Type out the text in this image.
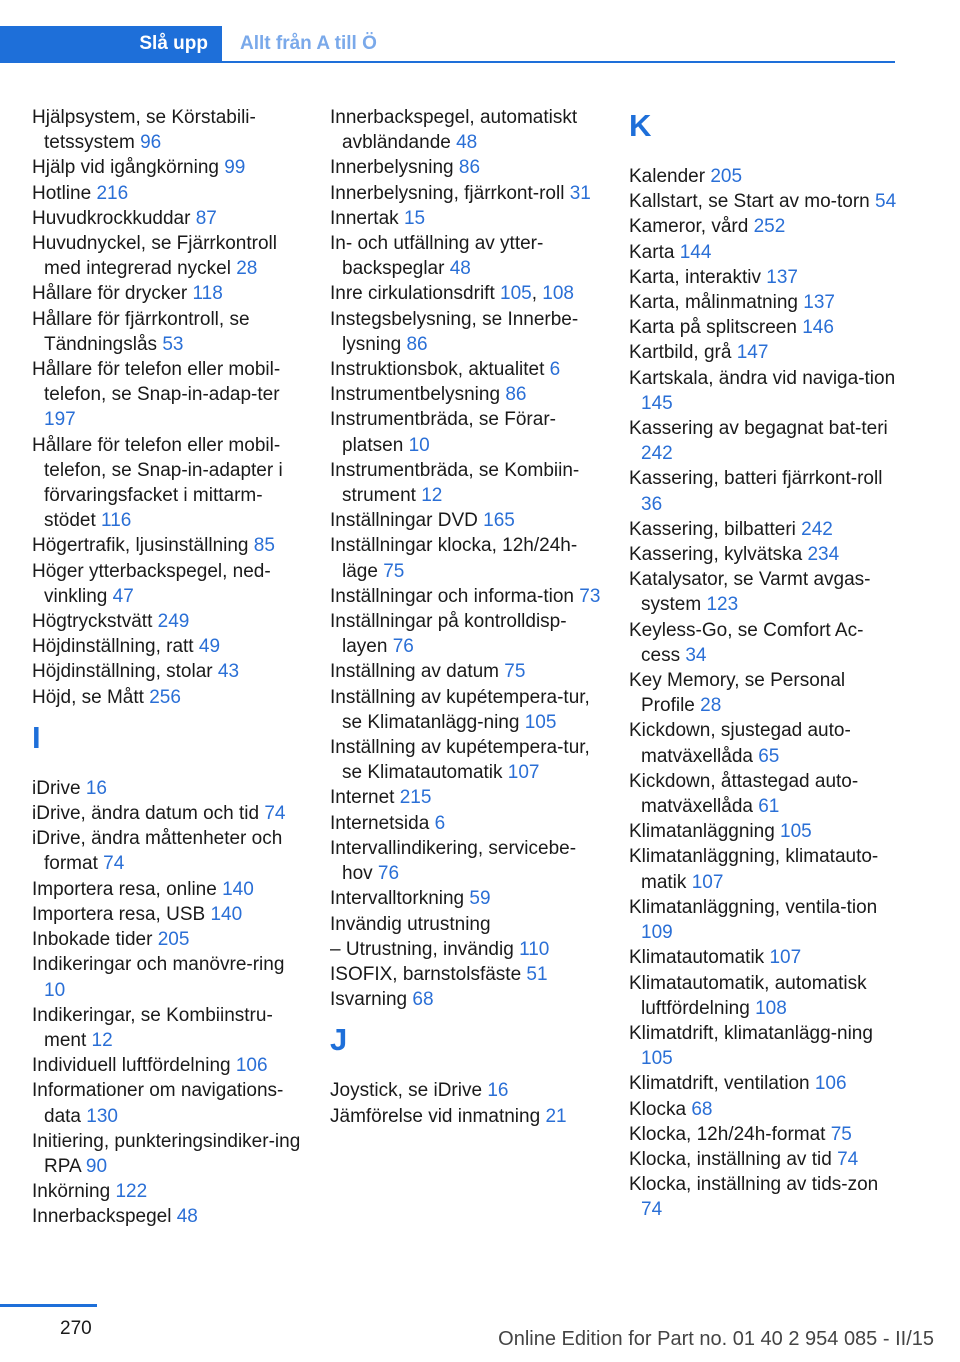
Slå upp	Allt från A till Ö
Hjälpsystem, se Körstabili-tetssystem 96
Hjälp vid igångkörning 99
Hotline 216
Huvudkrockkuddar 87
Huvudnyckel, se Fjärrkontroll med integrerad nyckel 28
Hållare för drycker 118
Hållare för fjärrkontroll, se Tändningslås 53
Hållare för telefon eller mobil-telefon, se Snap-in-adap-ter 197
Hållare för telefon eller mobil-telefon, se Snap-in-adapter i förvaringsfacket i mittarm-stödet 116
Högertrafik, ljusinställning 85
Höger ytterbackspegel, ned-vinkling 47
Högtryckstvätt 249
Höjdinställning, ratt 49
Höjdinställning, stolar 43
Höjd, se Mått 256
I
iDrive 16
iDrive, ändra datum och tid 74
iDrive, ändra måttenheter och format 74
Importera resa, online 140
Importera resa, USB 140
Inbokade tider 205
Indikeringar och manövre-ring 10
Indikeringar, se Kombiinstru-ment 12
Individuell luftfördelning 106
Informationer om navigations-data 130
Initiering, punkteringsindiker-ing RPA 90
Inkörning 122
Innerbackspegel 48
Innerbackspegel, automatiskt avbländande 48
Innerbelysning 86
Innerbelysning, fjärrkont-roll 31
Innertak 15
In- och utfällning av ytter-backspeglar 48
Inre cirkulationsdrift 105, 108
Instegsbelysning, se Innerbe-lysning 86
Instruktionsbok, aktualitet 6
Instrumentbelysning 86
Instrumentbräda, se Förar-platsen 10
Instrumentbräda, se Kombiin-strument 12
Inställningar DVD 165
Inställningar klocka, 12h/24h-läge 75
Inställningar och informa-tion 73
Inställningar på kontrolldisp-layen 76
Inställning av datum 75
Inställning av kupétempera-tur, se Klimatanlägg-ning 105
Inställning av kupétempera-tur, se Klimatautomatik 107
Internet 215
Internetsida 6
Intervallindikering, servicebe-hov 76
Intervalltorkning 59
Invändig utrustning
– Utrustning, invändig 110
ISOFIX, barnstolsfäste 51
Isvarning 68
J
Joystick, se iDrive 16
Jämförelse vid inmatning 21
K
Kalender 205
Kallstart, se Start av mo-torn 54
Kameror, vård 252
Karta 144
Karta, interaktiv 137
Karta, målinmatning 137
Karta på splitscreen 146
Kartbild, grå 147
Kartskala, ändra vid naviga-tion 145
Kassering av begagnat bat-teri 242
Kassering, batteri fjärrkont-roll 36
Kassering, bilbatteri 242
Kassering, kylvätska 234
Katalysator, se Varmt avgas-system 123
Keyless-Go, se Comfort Ac-cess 34
Key Memory, se Personal Profile 28
Kickdown, sjustegad auto-matväxellåda 65
Kickdown, åttastegad auto-matväxellåda 61
Klimatanläggning 105
Klimatanläggning, klimatauto-matik 107
Klimatanläggning, ventila-tion 109
Klimatautomatik 107
Klimatautomatik, automatisk luftfördelning 108
Klimatdrift, klimatanlägg-ning 105
Klimatdrift, ventilation 106
Klocka 68
Klocka, 12h/24h-format 75
Klocka, inställning av tid 74
Klocka, inställning av tids-zon 74
270	Online Edition for Part no. 01 40 2 954 085 - II/15
